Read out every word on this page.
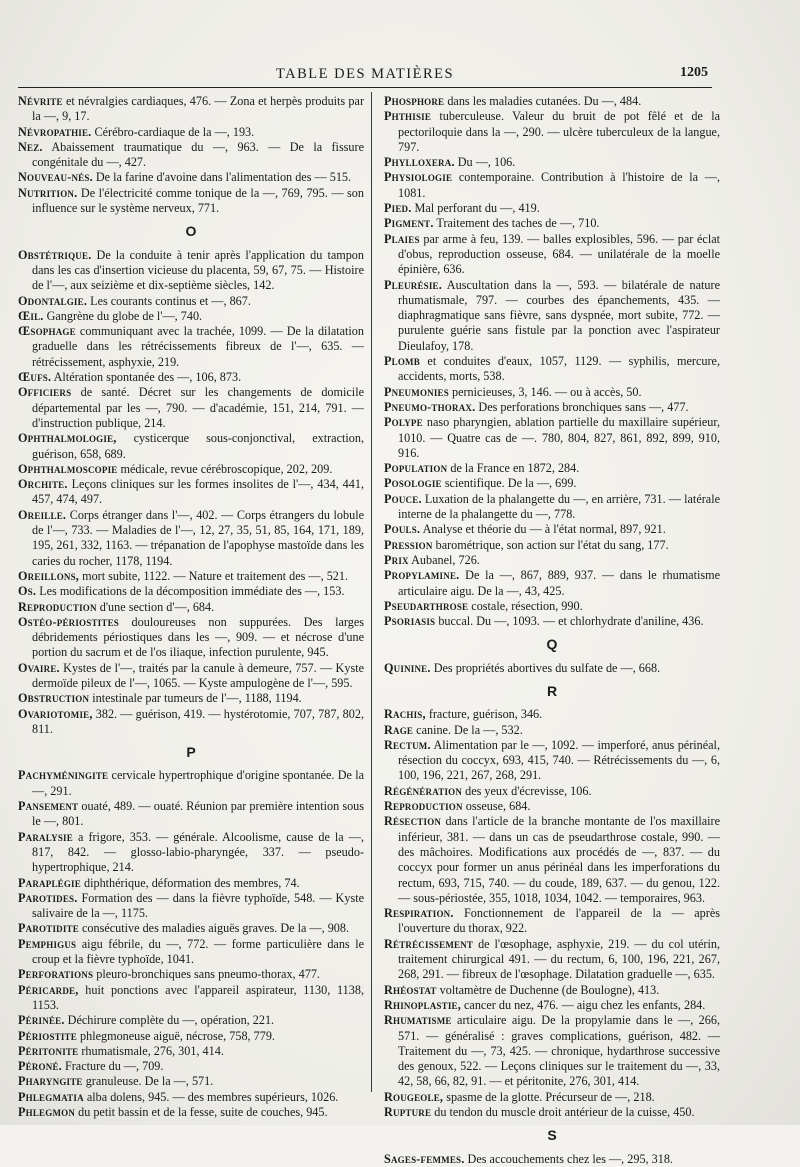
TABLE DES MATIÈRES	1205
Névrite et névralgies cardiaques, 476. — Zona et herpès produits par la —, 9, 17.
Névropathie. Cérébro-cardiaque de la —, 193.
Nez. Abaissement traumatique du —, 963. — De la fissure congénitale du —, 427.
Nouveau-nés. De la farine d'avoine dans l'alimentation des — 515.
Nutrition. De l'électricité comme tonique de la —, 769, 795. — son influence sur le système nerveux, 771.
O
Obstétrique. De la conduite à tenir après l'application du tampon dans les cas d'insertion vicieuse du placenta, 59, 67, 75. — Histoire de l'—, aux seizième et dix-septième siècles, 142.
Odontalgie. Les courants continus et —, 867.
Œil. Gangrène du globe de l'—, 740.
Œsophage communiquant avec la trachée, 1099. — De la dilatation graduelle dans les rétrécissements fibreux de l'—, 635. — rétrécissement, asphyxie, 219.
Œufs. Altération spontanée des —, 106, 873.
Officiers de santé. Décret sur les changements de domicile départemental par les —, 790. — d'académie, 151, 214, 791. — d'instruction publique, 214.
Ophthalmologie, cysticerque sous-conjonctival, extraction, guérison, 658, 689.
Ophthalmoscopie médicale, revue cérébroscopique, 202, 209.
Orchite. Leçons cliniques sur les formes insolites de l'—, 434, 441, 457, 474, 497.
Oreille. Corps étranger dans l'—, 402. — Corps étrangers du lobule de l'—, 733. — Maladies de l'—, 12, 27, 35, 51, 85, 164, 171, 189, 195, 261, 332, 1163. — trépanation de l'apophyse mastoïde dans les caries du rocher, 1178, 1194.
Oreillons, mort subite, 1122. — Nature et traitement des —, 521.
Os. Les modifications de la décomposition immédiate des —, 153.
Reproduction d'une section d'—, 684.
Ostéo-périostites douloureuses non suppurées. Des larges débridements périostiques dans les —, 909. — et nécrose d'une portion du sacrum et de l'os iliaque, infection purulente, 945.
Ovaire. Kystes de l'—, traités par la canule à demeure, 757. — Kyste dermoïde pileux de l'—, 1065. — Kyste ampulogène de l'—, 595.
Obstruction intestinale par tumeurs de l'—, 1188, 1194.
Ovariotomie, 382. — guérison, 419. — hystérotomie, 707, 787, 802, 811.
P
Pachyméningite cervicale hypertrophique d'origine spontanée. De la —, 291.
Pansement ouaté, 489. — ouaté. Réunion par première intention sous le —, 801.
Paralysie a frigore, 353. — générale. Alcoolisme, cause de la —, 817, 842. — glosso-labio-pharyngée, 337. — pseudo-hypertrophique, 214.
Paraplégie diphthérique, déformation des membres, 74.
Parotides. Formation des — dans la fièvre typhoïde, 548. — Kyste salivaire de la —, 1175.
Parotidite consécutive des maladies aiguës graves. De la —, 908.
Pemphigus aigu fébrile, du —, 772. — forme particulière dans le croup et la fièvre typhoïde, 1041.
Perforations pleuro-bronchiques sans pneumo-thorax, 477.
Péricarde, huit ponctions avec l'appareil aspirateur, 1130, 1138, 1153.
Périnée. Déchirure complète du —, opération, 221.
Périostite phlegmoneuse aiguë, nécrose, 758, 779.
Péritonite rhumatismale, 276, 301, 414.
Péroné. Fracture du —, 709.
Pharyngite granuleuse. De la —, 571.
Phlegmatia alba dolens, 945. — des membres supérieurs, 1026.
Phlegmon du petit bassin et de la fesse, suite de couches, 945.
Phosphore dans les maladies cutanées. Du —, 484.
Phthisie tuberculeuse. Valeur du bruit de pot fêlé et de la pectoriloquie dans la —, 290. — ulcère tuberculeux de la langue, 797.
Phylloxera. Du —, 106.
Physiologie contemporaine. Contribution à l'histoire de la —, 1081.
Pied. Mal perforant du —, 419.
Pigment. Traitement des taches de —, 710.
Plaies par arme à feu, 139. — balles explosibles, 596. — par éclat d'obus, reproduction osseuse, 684. — unilatérale de la moelle épinière, 636.
Pleurésie. Auscultation dans la —, 593. — bilatérale de nature rhumatismale, 797. — courbes des épanchements, 435. — diaphragmatique sans fièvre, sans dyspnée, mort subite, 772. — purulente guérie sans fistule par la ponction avec l'aspirateur Dieulafoy, 178.
Plomb et conduites d'eaux, 1057, 1129. — syphilis, mercure, accidents, morts, 538.
Pneumonies pernicieuses, 3, 146. — ou à accès, 50.
Pneumo-thorax. Des perforations bronchiques sans —, 477.
Polype naso pharyngien, ablation partielle du maxillaire supérieur, 1010. — Quatre cas de —. 780, 804, 827, 861, 892, 899, 910, 916.
Population de la France en 1872, 284.
Posologie scientifique. De la —, 699.
Pouce. Luxation de la phalangette du —, en arrière, 731. — latérale interne de la phalangette du —, 778.
Pouls. Analyse et théorie du — à l'état normal, 897, 921.
Pression barométrique, son action sur l'état du sang, 177.
Prix Aubanel, 726.
Propylamine. De la —, 867, 889, 937. — dans le rhumatisme articulaire aigu. De la —, 43, 425.
Pseudarthrose costale, résection, 990.
Psoriasis buccal. Du —, 1093. — et chlorhydrate d'aniline, 436.
Q
Quinine. Des propriétés abortives du sulfate de —, 668.
R
Rachis, fracture, guérison, 346.
Rage canine. De la —, 532.
Rectum. Alimentation par le —, 1092. — imperforé, anus périnéal, résection du coccyx, 693, 415, 740. — Rétrécissements du —, 6, 100, 196, 221, 267, 268, 291.
Régénération des yeux d'écrevisse, 106.
Reproduction osseuse, 684.
Résection dans l'article de la branche montante de l'os maxillaire inférieur, 381. — dans un cas de pseudarthrose costale, 990. — des mâchoires. Modifications aux procédés de —, 837. — du coccyx pour former un anus périnéal dans les imperforations du rectum, 693, 715, 740. — du coude, 189, 637. — du genou, 122. — sous-périostée, 355, 1018, 1034, 1042. — temporaires, 963.
Respiration. Fonctionnement de l'appareil de la — après l'ouverture du thorax, 922.
Rétrécissement de l'œsophage, asphyxie, 219. — du col utérin, traitement chirurgical 491. — du rectum, 6, 100, 196, 221, 267, 268, 291. — fibreux de l'œsophage. Dilatation graduelle —, 635.
Rhéostat voltamètre de Duchenne (de Boulogne), 413.
Rhinoplastie, cancer du nez, 476. — aigu chez les enfants, 284.
Rhumatisme articulaire aigu. De la propylamie dans le —, 266, 571. — généralisé : graves complications, guérison, 482. — Traitement du —, 73, 425. — chronique, hydarthrose successive des genoux, 522. — Leçons cliniques sur le traitement du —, 33, 42, 58, 66, 82, 91. — et péritonite, 276, 301, 414.
Rougeole, spasme de la glotte. Précurseur de —, 218.
Rupture du tendon du muscle droit antérieur de la cuisse, 450.
S
Sages-femmes. Des accouchements chez les —, 295, 318.
